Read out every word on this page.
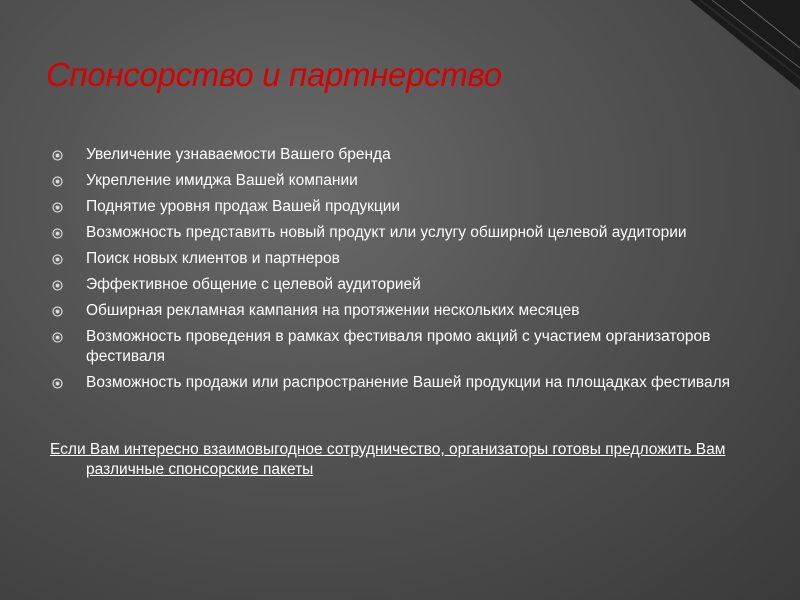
Спонсорство и партнерство
Увеличение узнаваемости Вашего бренда
Укрепление имиджа Вашей компании
Поднятие уровня продаж Вашей продукции
Возможность представить новый продукт или услугу обширной целевой аудитории
Поиск новых клиентов и партнеров
Эффективное общение с целевой аудиторией
Обширная рекламная кампания на протяжении нескольких месяцев
Возможность проведения в рамках фестиваля промо акций с участием организаторов фестиваля
Возможность продажи или распространение Вашей продукции на площадках фестиваля

Если Вам интересно взаимовыгодное сотрудничество, организаторы готовы предложить Вам различные спонсорские пакеты
